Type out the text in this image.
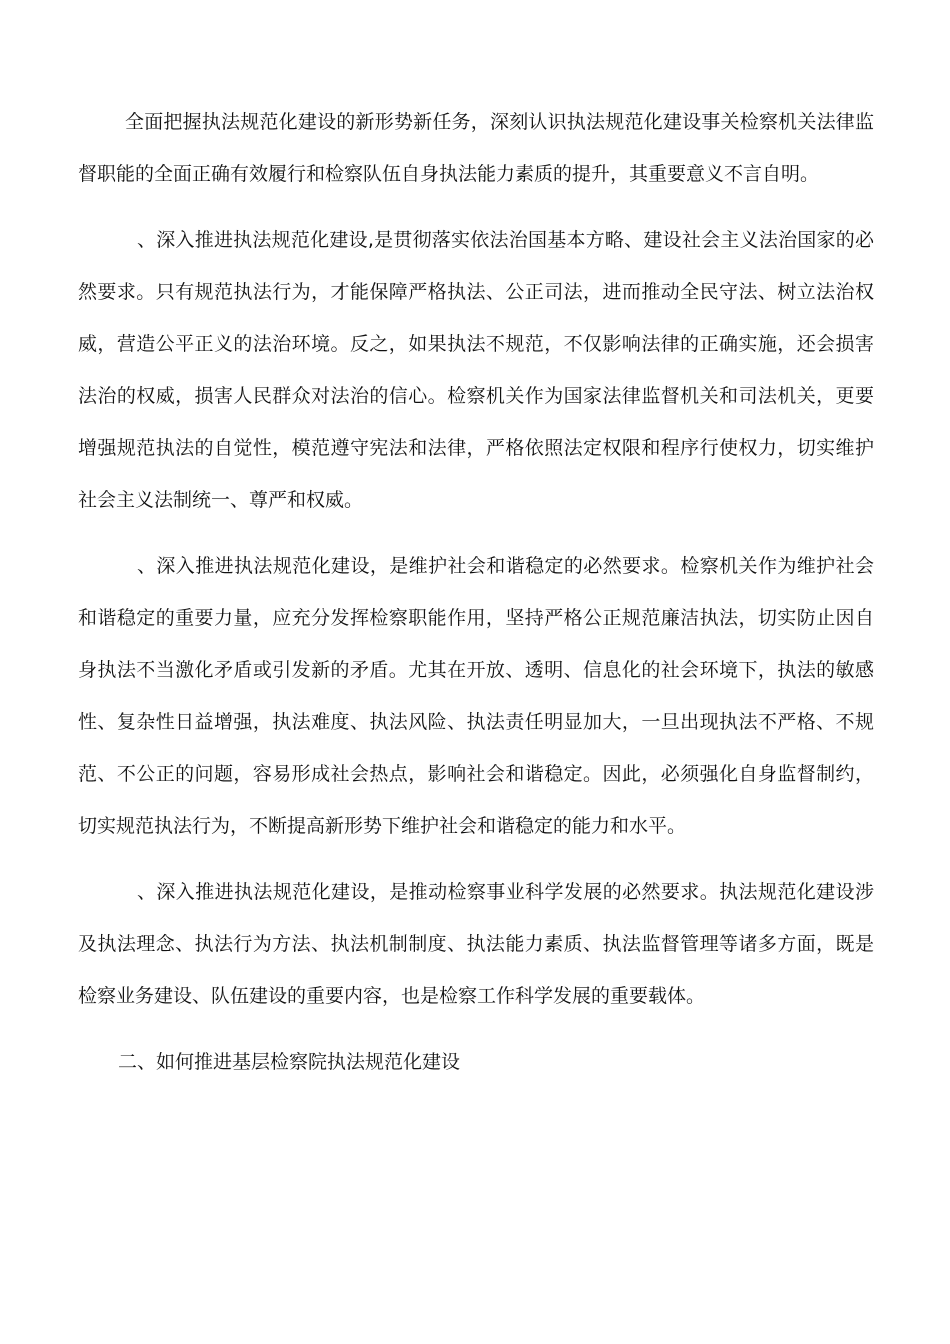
全面把握执法规范化建设的新形势新任务，深刻认识执法规范化建设事关检察机关法律监督职能的全面正确有效履行和检察队伍自身执法能力素质的提升，其重要意义不言自明。

、深入推进执法规范化建设,是贯彻落实依法治国基本方略、建设社会主义法治国家的必然要求。只有规范执法行为，才能保障严格执法、公正司法，进而推动全民守法、树立法治权威，营造公平正义的法治环境。反之，如果执法不规范，不仅影响法律的正确实施，还会损害法治的权威，损害人民群众对法治的信心。检察机关作为国家法律监督机关和司法机关，更要增强规范执法的自觉性，模范遵守宪法和法律，严格依照法定权限和程序行使权力，切实维护社会主义法制统一、尊严和权威。

、深入推进执法规范化建设，是维护社会和谐稳定的必然要求。检察机关作为维护社会和谐稳定的重要力量，应充分发挥检察职能作用，坚持严格公正规范廉洁执法，切实防止因自身执法不当激化矛盾或引发新的矛盾。尤其在开放、透明、信息化的社会环境下，执法的敏感性、复杂性日益增强，执法难度、执法风险、执法责任明显加大，一旦出现执法不严格、不规范、不公正的问题，容易形成社会热点，影响社会和谐稳定。因此，必须强化自身监督制约，切实规范执法行为，不断提高新形势下维护社会和谐稳定的能力和水平。

、深入推进执法规范化建设，是推动检察事业科学发展的必然要求。执法规范化建设涉及执法理念、执法行为方法、执法机制制度、执法能力素质、执法监督管理等诸多方面，既是检察业务建设、队伍建设的重要内容，也是检察工作科学发展的重要载体。

二、如何推进基层检察院执法规范化建设
